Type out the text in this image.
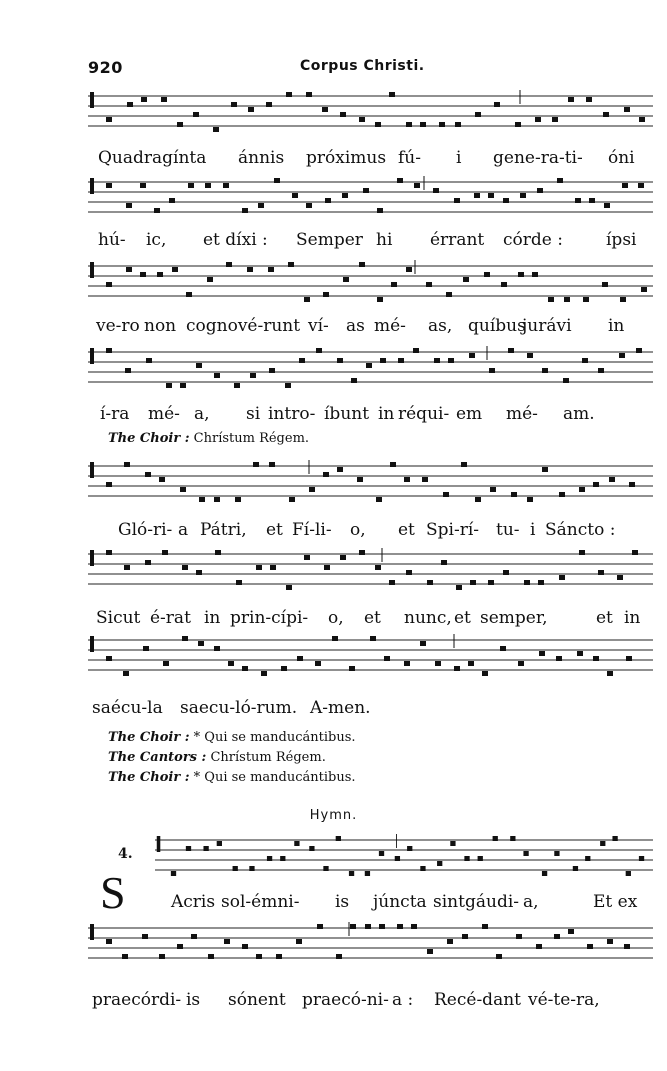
920	Corpus Christi.
Quadragínta ánnis próximus fú- i gene-ra-ti- óni
hú- ic, et díxi : Semper hi érrant córde :	ípsi
ve-ro non cognové-runt ví- as mé- as, quíbus
jurávi in
í-ra mé- a, si intro- íbunt in réqui- em mé- am.
The Choir : Chrístum Régem.
Gló-ri- a Pátri, et Fí-li- o, et Spi-rí- tu- i Sáncto :
Sicut é-rat in prin-cípi- o, et nunc, et semper,	et in
saécu-la saecu-ló-rum. A-men.
The Choir : * Qui se manducántibus.
The Cantors : Chrístum Régem.
The Choir : * Qui se manducántibus.
Hymn.
4.
S	Acris sol-émni- is júncta sint gáudi- a,	Et ex
praecórdi- is sónent praecó-ni- a : Recé-dant vé-te-ra,
